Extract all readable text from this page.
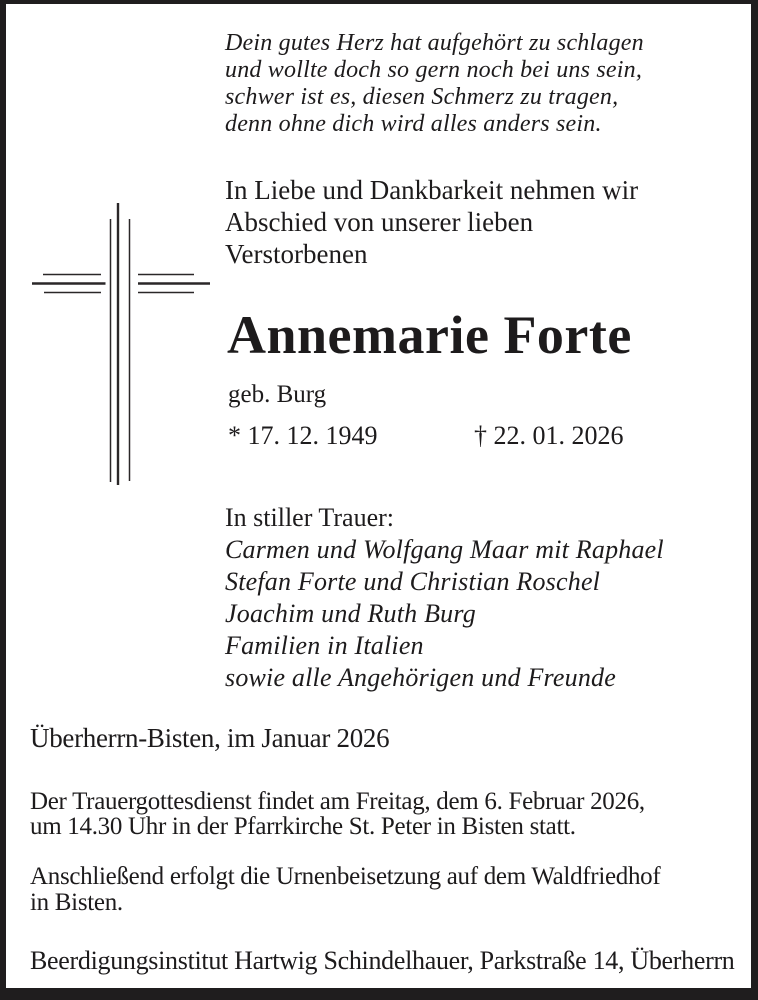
Dein gutes Herz hat aufgehört zu schlagen
und wollte doch so gern noch bei uns sein,
schwer ist es, diesen Schmerz zu tragen,
denn ohne dich wird alles anders sein.
In Liebe und Dankbarkeit nehmen wir
Abschied von unserer lieben
Verstorbenen
Annemarie Forte
geb. Burg
* 17. 12. 1949	† 22. 01. 2026
In stiller Trauer:
Carmen und Wolfgang Maar mit Raphael
Stefan Forte und Christian Roschel
Joachim und Ruth Burg
Familien in Italien
sowie alle Angehörigen und Freunde
Überherrn-Bisten, im Januar 2026
Der Trauergottesdienst findet am Freitag, dem 6. Februar 2026,
um 14.30 Uhr in der Pfarrkirche St. Peter in Bisten statt.
Anschließend erfolgt die Urnenbeisetzung auf dem Waldfriedhof
in Bisten.
Beerdigungsinstitut Hartwig Schindelhauer, Parkstraße 14, Überherrn
